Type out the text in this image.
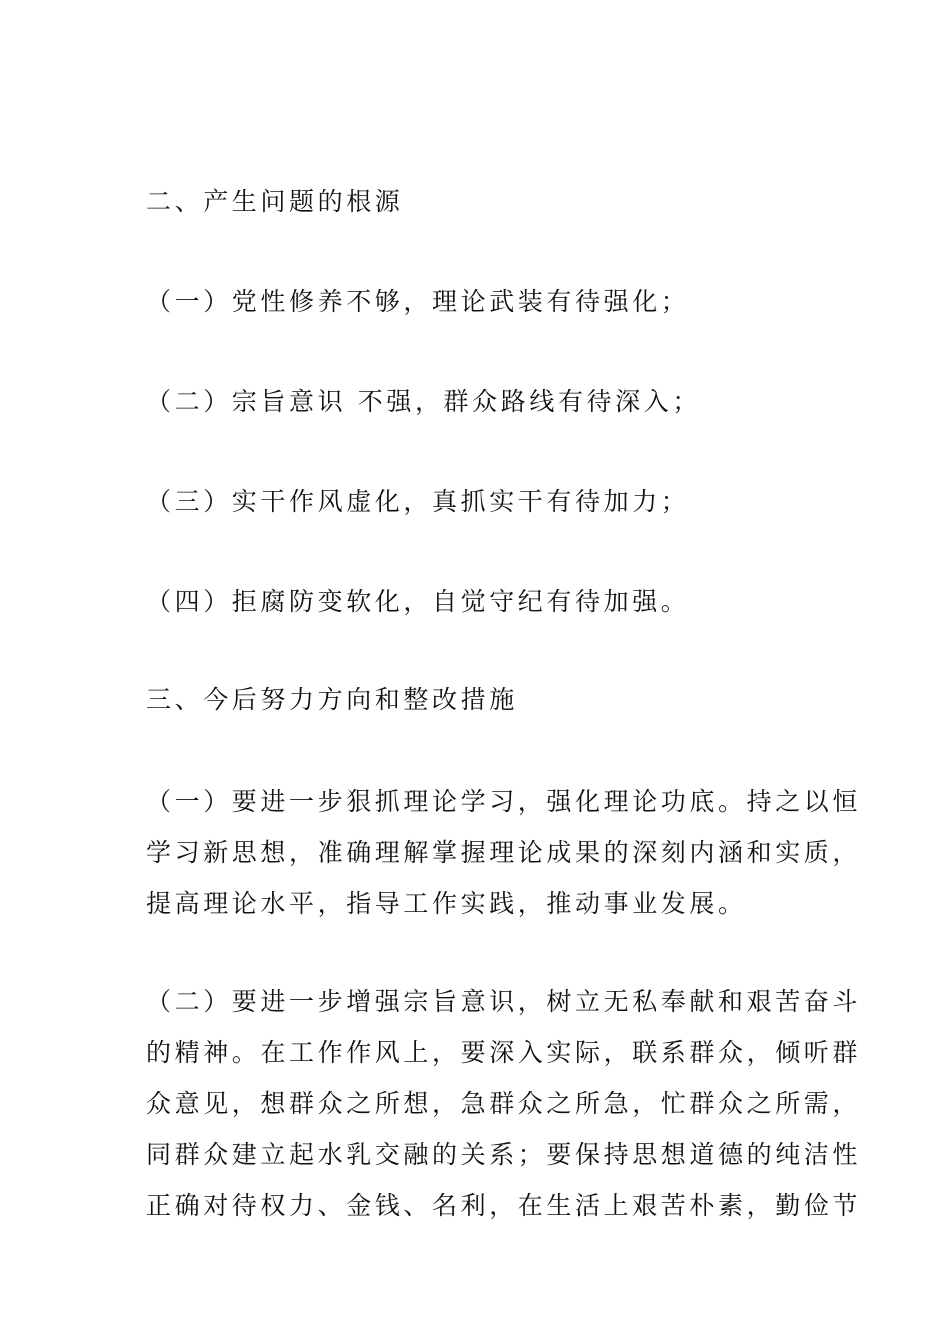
二、产生问题的根源
（一）党性修养不够，理论武装有待强化；
（二）宗旨意识 不强，群众路线有待深入；
（三）实干作风虚化，真抓实干有待加力；
（四）拒腐防变软化，自觉守纪有待加强。
三、今后努力方向和整改措施
（一）要进一步狠抓理论学习，强化理论功底。持之以恒
学习新思想，准确理解掌握理论成果的深刻内涵和实质，
提高理论水平，指导工作实践，推动事业发展。
（二）要进一步增强宗旨意识，树立无私奉献和艰苦奋斗
的精神。在工作作风上，要深入实际，联系群众，倾听群
众意见，想群众之所想，急群众之所急，忙群众之所需，
同群众建立起水乳交融的关系；要保持思想道德的纯洁性
正确对待权力、金钱、名利，在生活上艰苦朴素，勤俭节
